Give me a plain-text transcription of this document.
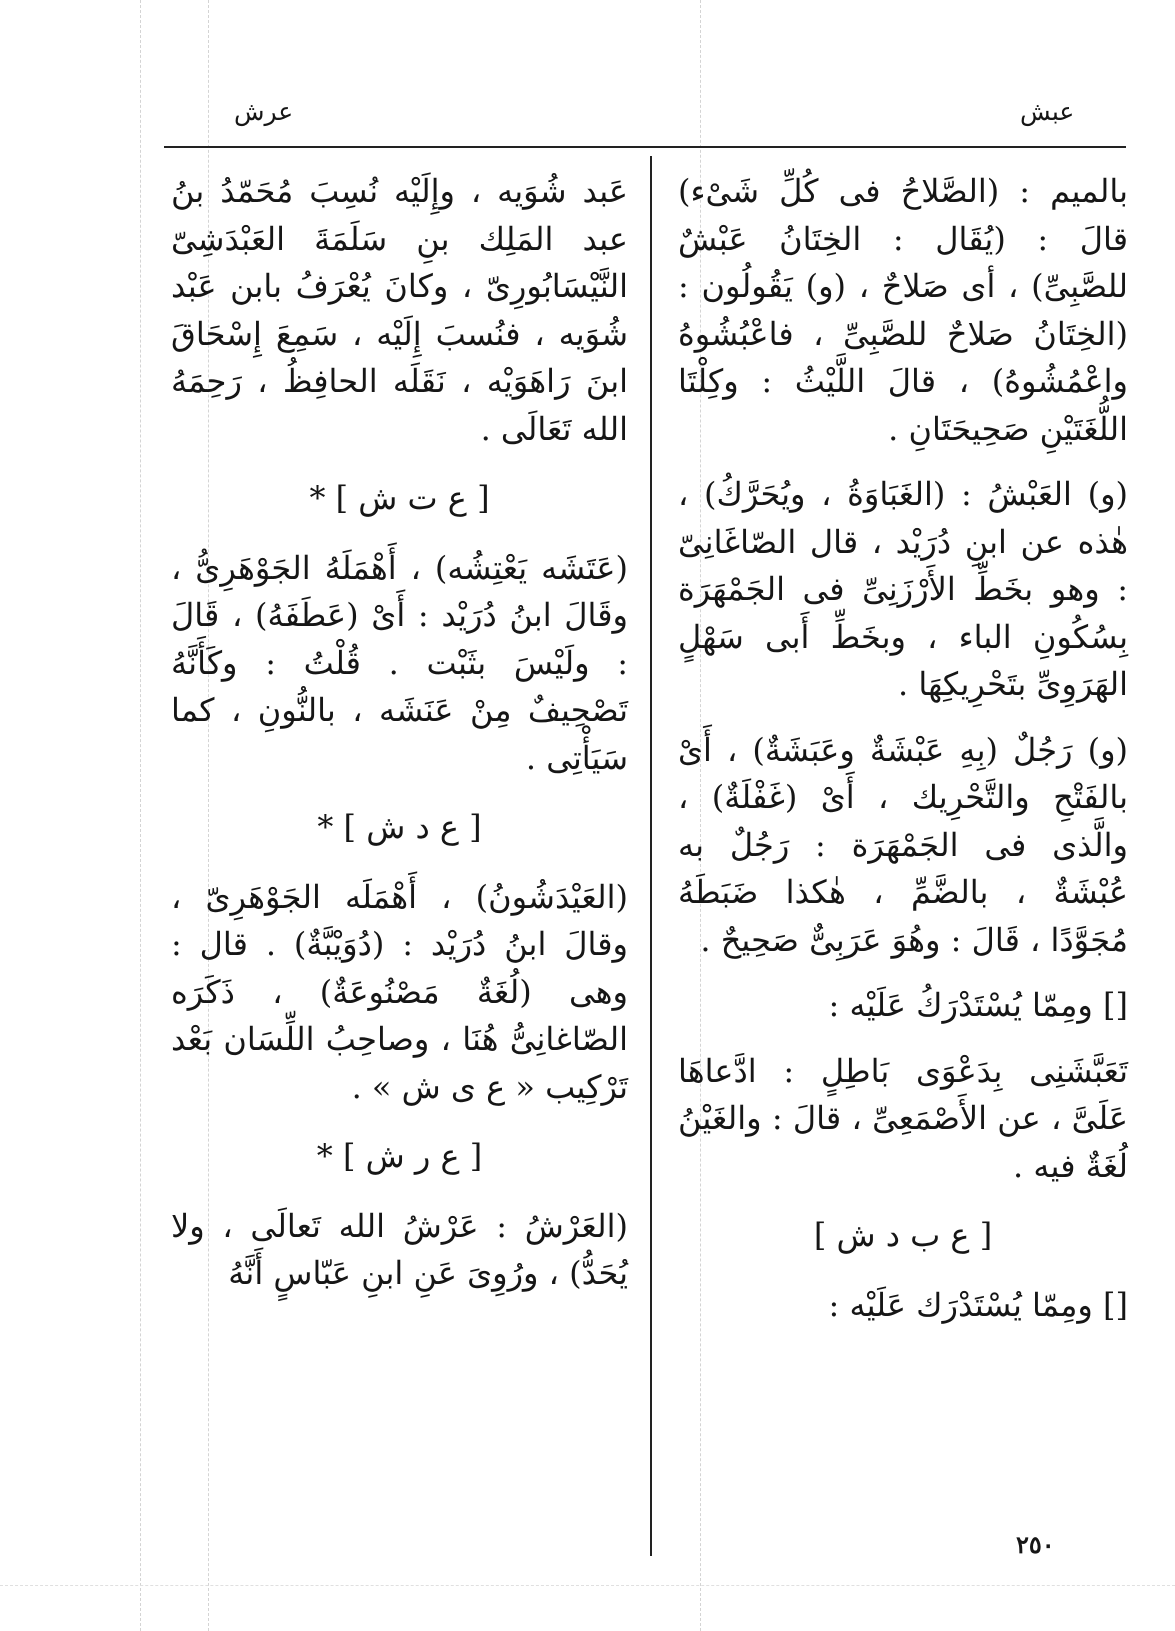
عرش	عبش

بالميم : (الصَّلاحُ فى كُلِّ شَىْء) قالَ : (يُقَال : الخِتَانُ عَبْشٌ للصَّبِىِّ) ، أى صَلاحٌ ، (و) يَقُولُون : (الخِتَانُ صَلاحٌ للصَّبِىِّ ، فاعْبُشُوهُ واعْمُشُوهُ) ، قالَ اللَّيْثُ : وكِلْتَا اللُّغَتَيْنِ صَحِيحَتَانِ .

(و) العَبْشُ : (الغَبَاوَةُ ، ويُحَرَّكُ) ، هٰذه عن ابنِ دُرَيْد ، قال الصّاغَانِىّ : وهو بخَطِّ الأَرْزَنِىِّ فى الجَمْهَرَة بِسُكُونِ الباء ، وبخَطِّ أَبى سَهْلٍ الهَرَوِىِّ بتَحْرِيكِهَا .

(و) رَجُلٌ (بِهِ عَبْشَةٌ وعَبَشَةٌ) ، أَىْ بالفَتْحِ والتَّحْرِيك ، أَىْ (غَفْلَةٌ) ، والَّذى فى الجَمْهَرَة : رَجُلٌ به عُبْشَةٌ ، بالضَّمِّ ، هٰكذا ضَبَطَهُ مُجَوَّدًا ، قَالَ : وهُوَ عَرَبِىٌّ صَحِيحٌ .

[] ومِمّا يُسْتَدْرَكُ عَلَيْه :

تَعَبَّشَنِى بِدَعْوَى بَاطِلٍ : ادَّعاهَا عَلَىَّ ، عن الأَصْمَعِىِّ ، قالَ : والغَيْنُ لُغَةٌ فيه .

[ ع ب د ش ]

[] ومِمّا يُسْتَدْرَك عَلَيْه :

عَبد شُوَيه ، وإِلَيْه نُسِبَ مُحَمّدُ بنُ عبد المَلِك بنِ سَلَمَةَ العَبْدَشِىّ النَّيْسَابُورِىّ ، وكانَ يُعْرَفُ بابن عَبْد شُوَيه ، فنُسبَ إِلَيْه ، سَمِعَ إِسْحَاقَ ابنَ رَاهَوَيْه ، نَقَلَه الحافِظُ ، رَحِمَهُ الله تَعَالَى .

[ ع ت ش ] *

(عَتَشَه يَعْتِشُه) ، أَهْمَلَهُ الجَوْهَرِىُّ ، وقَالَ ابنُ دُرَيْد : أَىْ (عَطَفَهُ) ، قَالَ : ولَيْسَ بثَبْت . قُلْتُ : وكَأَنَّهُ تَصْحِيفٌ مِنْ عَنَشَه ، بالنُّونِ ، كما سَيَأْتِى .

[ ع د ش ] *

(العَيْدَشُونُ) ، أَهْمَلَه الجَوْهَرِىّ ، وقالَ ابنُ دُرَيْد : (دُوَيْبَّةٌ) . قال : وهى (لُغَةٌ مَصْنُوعَةٌ) ، ذَكَرَه الصّاغانِىُّ هُنَا ، وصاحِبُ اللِّسَان بَعْد تَرْكِيب « ع ى ش » .

[ ع ر ش ] *

(العَرْشُ : عَرْشُ الله تَعالَى ، ولا يُحَدُّ) ، ورُوِىَ عَنِ ابنِ عَبّاسٍ أَنَّهُ

٢٥٠
